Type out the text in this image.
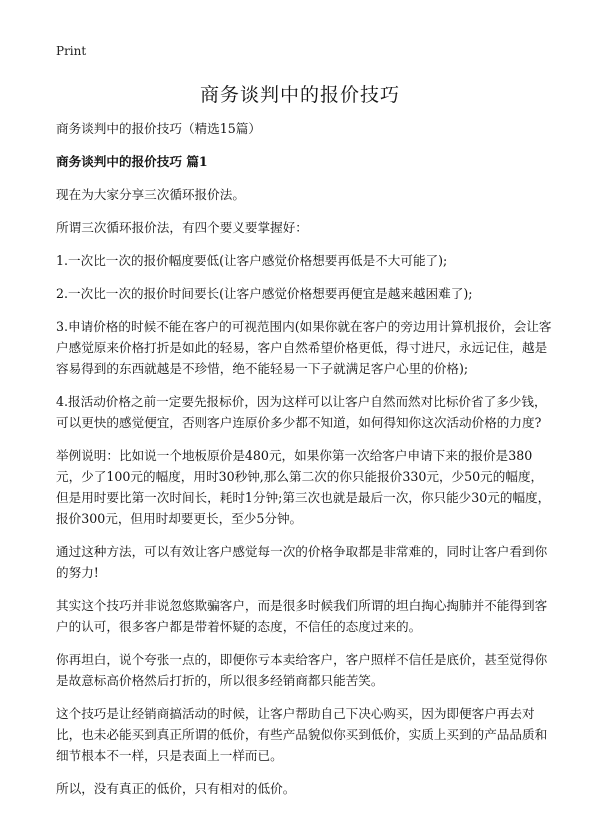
Print
商务谈判中的报价技巧

商务谈判中的报价技巧（精选15篇）

商务谈判中的报价技巧 篇1

现在为大家分享三次循环报价法。

所谓三次循环报价法，有四个要义要掌握好：

1.一次比一次的报价幅度要低(让客户感觉价格想要再低是不大可能了);

2.一次比一次的报价时间要长(让客户感觉价格想要再便宜是越来越困难了);

3.申请价格的时候不能在客户的可视范围内(如果你就在客户的旁边用计算机报价，会让客户感觉原来价格打折是如此的轻易，客户自然希望价格更低，得寸进尺，永远记住，越是容易得到的东西就越是不珍惜，绝不能轻易一下子就满足客户心里的价格);

4.报活动价格之前一定要先报标价，因为这样可以让客户自然而然对比标价省了多少钱，可以更快的感觉便宜，否则客户连原价多少都不知道，如何得知你这次活动价格的力度?

举例说明：比如说一个地板原价是480元，如果你第一次给客户申请下来的报价是380元，少了100元的幅度，用时30秒钟,那么第二次的你只能报价330元，少50元的幅度，但是用时要比第一次时间长，耗时1分钟;第三次也就是最后一次，你只能少30元的幅度，报价300元，但用时却要更长，至少5分钟。

通过这种方法，可以有效让客户感觉每一次的价格争取都是非常难的，同时让客户看到你的努力!

其实这个技巧并非说忽悠欺骗客户，而是很多时候我们所谓的坦白掏心掏肺并不能得到客户的认可，很多客户都是带着怀疑的态度，不信任的态度过来的。

你再坦白，说个夸张一点的，即便你亏本卖给客户，客户照样不信任是底价，甚至觉得你是故意标高价格然后打折的，所以很多经销商都只能苦笑。

这个技巧是让经销商搞活动的时候，让客户帮助自己下决心购买，因为即便客户再去对比，也未必能买到真正所谓的低价，有些产品貌似你买到低价，实质上买到的产品品质和细节根本不一样，只是表面上一样而已。

所以，没有真正的低价，只有相对的低价。
